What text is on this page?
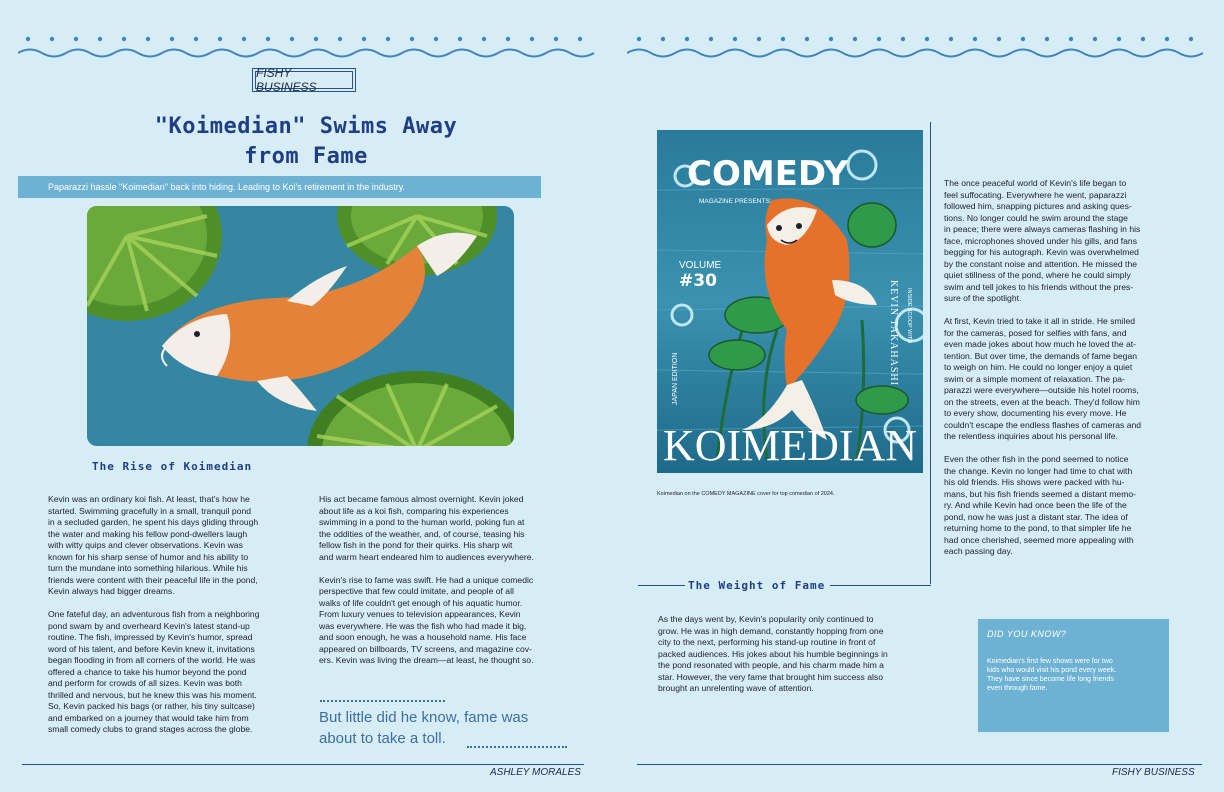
FISHY BUSINESS
"Koimedian" Swims Away
from Fame
Paparazzi hassle "Koimedian" back into hiding. Leading to Koi's retirement in the industry.
The Rise of Koimedian
Kevin was an ordinary koi fish. At least, that's how he
started. Swimming gracefully in a small, tranquil pond
in a secluded garden, he spent his days gliding through
the water and making his fellow pond-dwellers laugh
with witty quips and clever observations. Kevin was
known for his sharp sense of humor and his ability to
turn the mundane into something hilarious. While his
friends were content with their peaceful life in the pond,
Kevin always had bigger dreams.

One fateful day, an adventurous fish from a neighboring
pond swam by and overheard Kevin's latest stand-up
routine. The fish, impressed by Kevin's humor, spread
word of his talent, and before Kevin knew it, invitations
began flooding in from all corners of the world. He was
offered a chance to take his humor beyond the pond
and perform for crowds of all sizes. Kevin was both
thrilled and nervous, but he knew this was his moment.
So, Kevin packed his bags (or rather, his tiny suitcase)
and embarked on a journey that would take him from
small comedy clubs to grand stages across the globe.
His act became famous almost overnight. Kevin joked
about life as a koi fish, comparing his experiences
swimming in a pond to the human world, poking fun at
the oddities of the weather, and, of course, teasing his
fellow fish in the pond for their quirks. His sharp wit
and warm heart endeared him to audiences everywhere.

Kevin's rise to fame was swift. He had a unique comedic
perspective that few could imitate, and people of all
walks of life couldn't get enough of his aquatic humor.
From luxury venues to television appearances, Kevin
was everywhere. He was the fish who had made it big,
and soon enough, he was a household name. His face
appeared on billboards, TV screens, and magazine cov-
ers. Kevin was living the dream—at least, he thought so.
But little did he know, fame was
about to take a toll.
ASHLEY MORALES
COMEDY
MAGAZINE PRESENTS:
VOLUME
#30
INSIDE SCOOP WITH
KEVIN TAKAHASHI
JAPAN EDITION
KOIMEDIAN
Koimedian on the COMEDY MAGAZINE cover for top comedian of 2024.
The once peaceful world of Kevin's life began to
feel suffocating. Everywhere he went, paparazzi
followed him, snapping pictures and asking ques-
tions. No longer could he swim around the stage
in peace; there were always cameras flashing in his
face, microphones shoved under his gills, and fans
begging for his autograph. Kevin was overwhelmed
by the constant noise and attention. He missed the
quiet stillness of the pond, where he could simply
swim and tell jokes to his friends without the pres-
sure of the spotlight.

At first, Kevin tried to take it all in stride. He smiled
for the cameras, posed for selfies with fans, and
even made jokes about how much he loved the at-
tention. But over time, the demands of fame began
to weigh on him. He could no longer enjoy a quiet
swim or a simple moment of relaxation. The pa-
parazzi were everywhere—outside his hotel rooms,
on the streets, even at the beach. They'd follow him
to every show, documenting his every move. He
couldn't escape the endless flashes of cameras and
the relentless inquiries about his personal life.

Even the other fish in the pond seemed to notice
the change. Kevin no longer had time to chat with
his old friends. His shows were packed with hu-
mans, but his fish friends seemed a distant memo-
ry. And while Kevin had once been the life of the
pond, now he was just a distant star. The idea of
returning home to the pond, to that simpler life he
had once cherished, seemed more appealing with
each passing day.
The Weight of Fame
As the days went by, Kevin's popularity only continued to
grow. He was in high demand, constantly hopping from one
city to the next, performing his stand-up routine in front of
packed audiences. His jokes about his humble beginnings in
the pond resonated with people, and his charm made him a
star. However, the very fame that brought him success also
brought an unrelenting wave of attention.
DID YOU KNOW?
Koimedian's first few shows were for two kids who would visit his pond every week. They have since become life long friends even through fame.
FISHY BUSINESS
